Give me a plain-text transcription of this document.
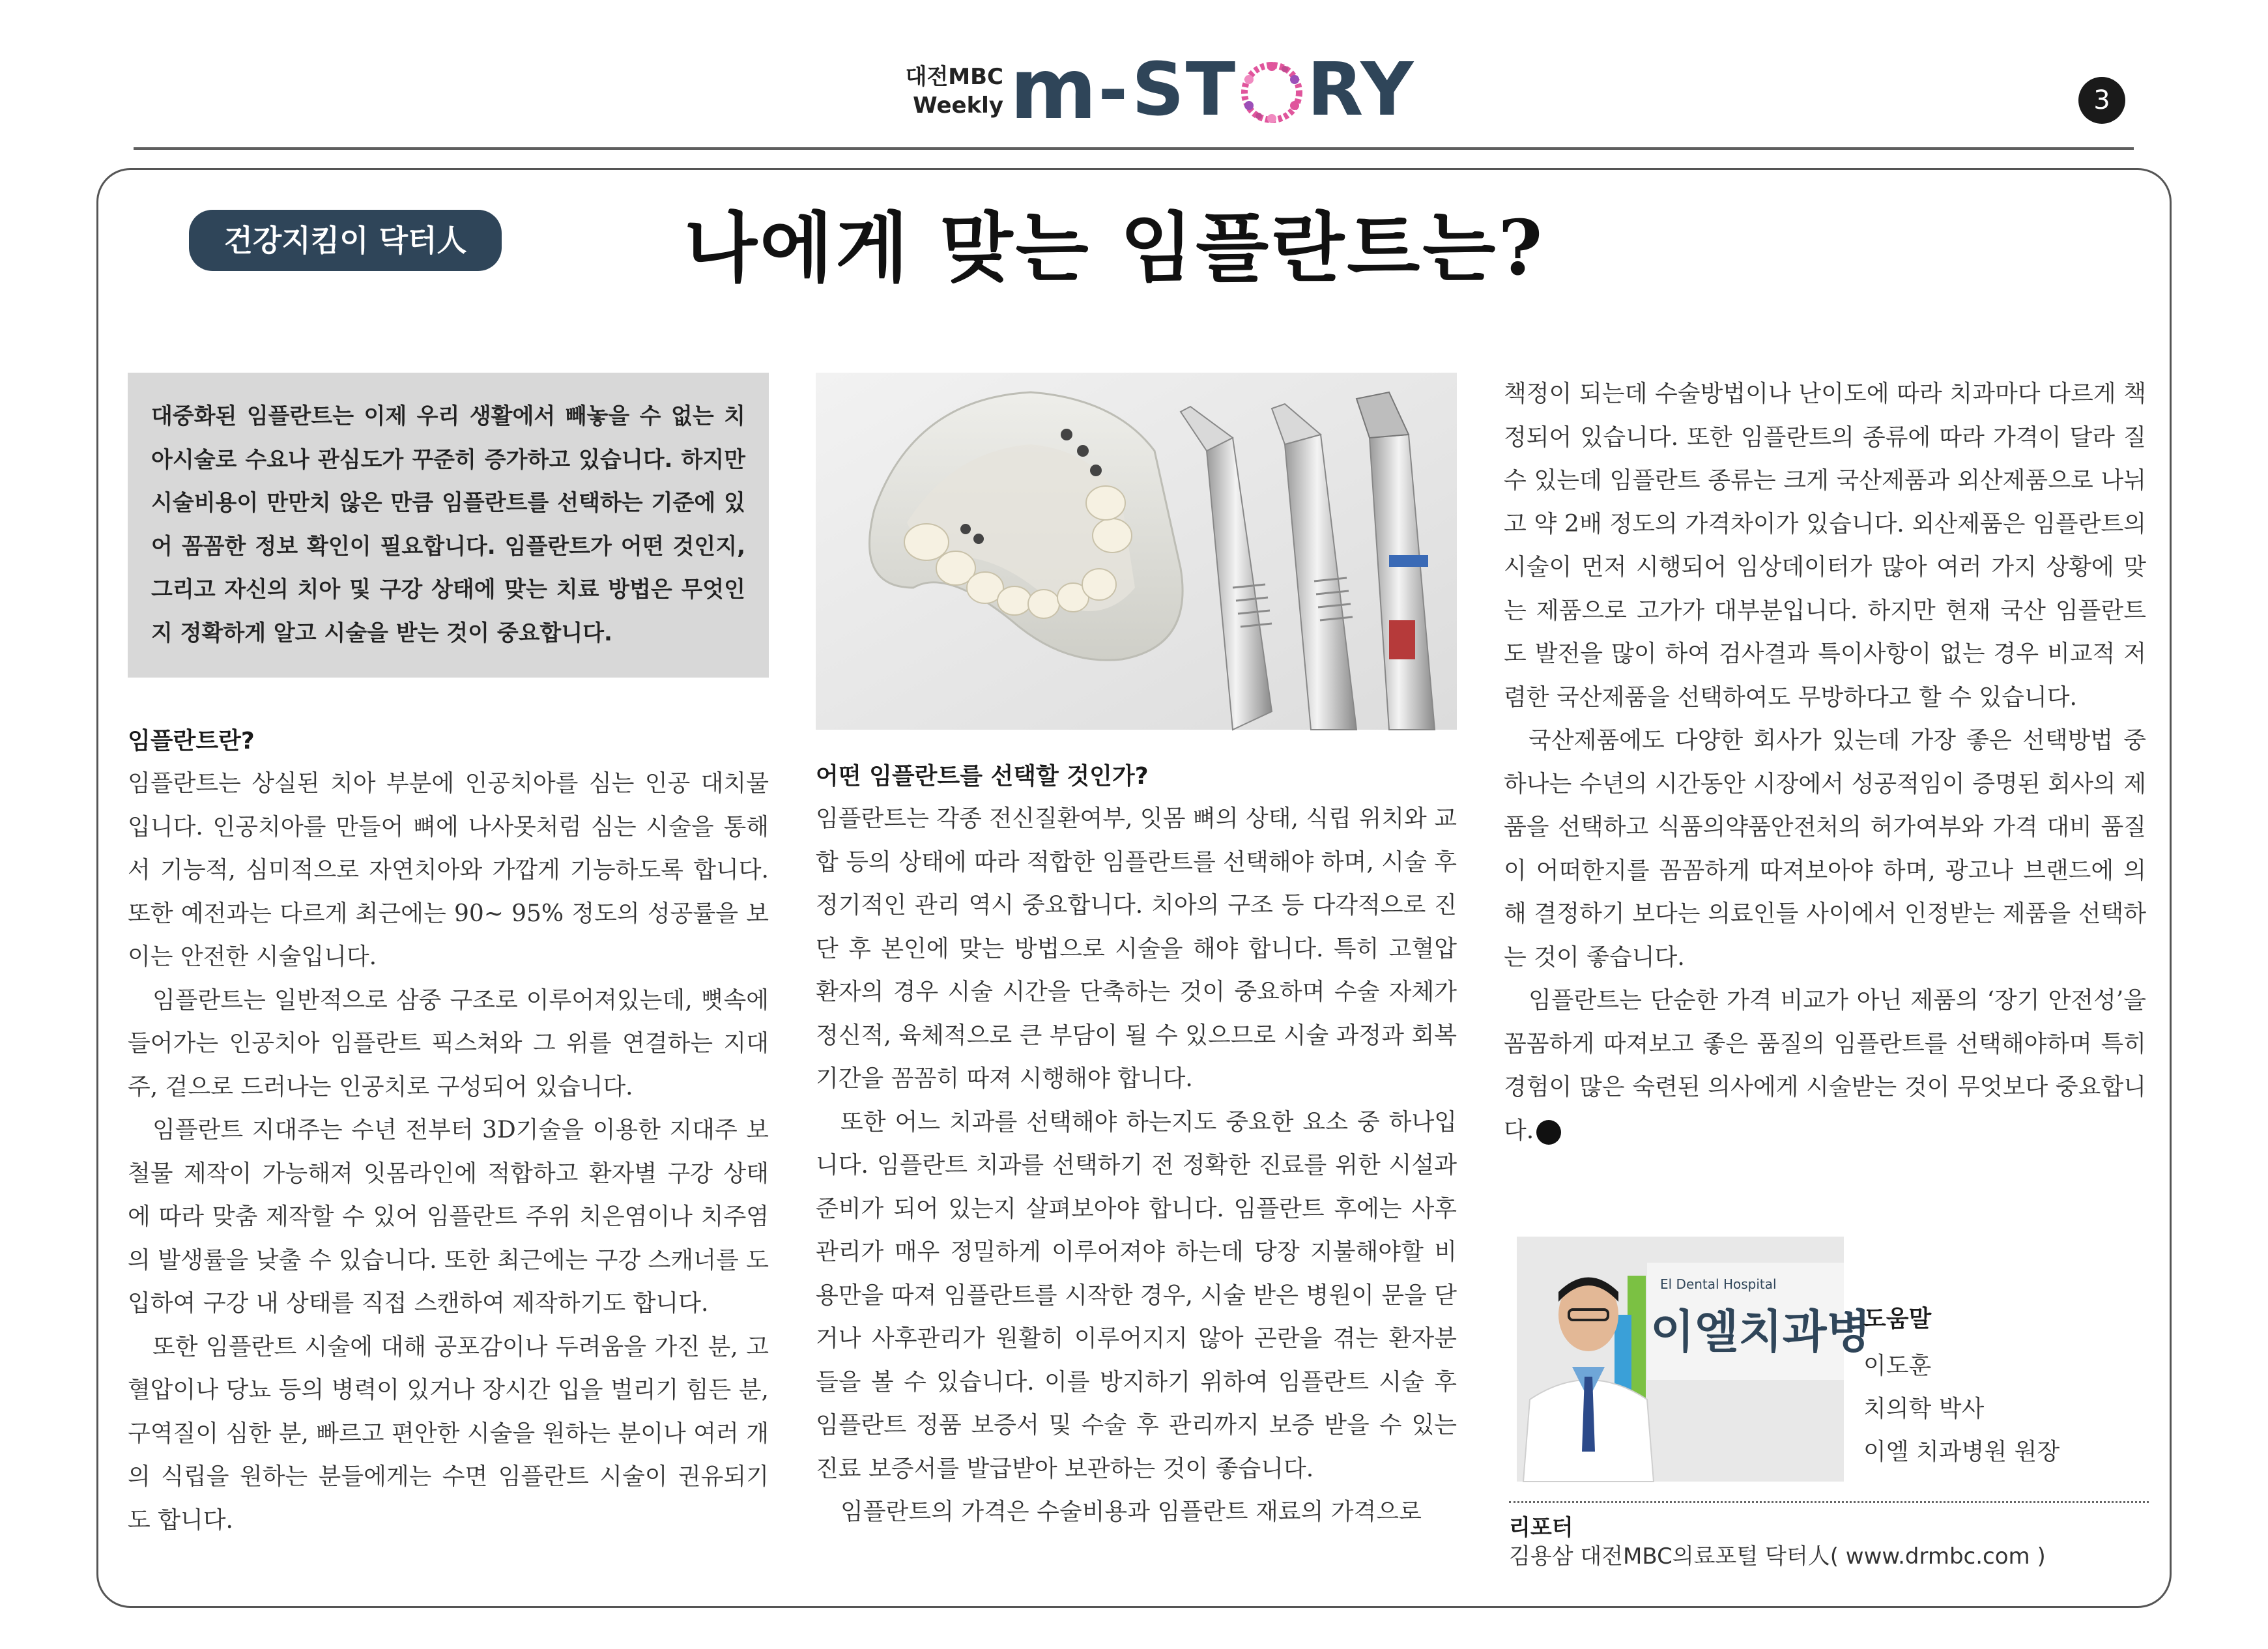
대전MBC
Weekly m - ST RY	3
건강지킴이 닥터人	나에게 맞는 임플란트는?
대중화된 임플란트는 이제 우리 생활에서 빼놓을 수 없는 치아시술로 수요나 관심도가 꾸준히 증가하고 있습니다. 하지만 시술비용이 만만치 않은 만큼 임플란트를 선택하는 기준에 있어 꼼꼼한 정보 확인이 필요합니다. 임플란트가 어떤 것인지, 그리고 자신의 치아 및 구강 상태에 맞는 치료 방법은 무엇인지 정확하게 알고 시술을 받는 것이 중요합니다.
임플란트란?

임플란트는 상실된 치아 부분에 인공치아를 심는 인공 대치물입니다. 인공치아를 만들어 뼈에 나사못처럼 심는 시술을 통해서 기능적, 심미적으로 자연치아와 가깝게 기능하도록 합니다. 또한 예전과는 다르게 최근에는 90~ 95% 정도의 성공률을 보이는 안전한 시술입니다.

임플란트는 일반적으로 삼중 구조로 이루어져있는데, 뼛속에 들어가는 인공치아 임플란트 픽스쳐와 그 위를 연결하는 지대주, 겉으로 드러나는 인공치로 구성되어 있습니다.

임플란트 지대주는 수년 전부터 3D기술을 이용한 지대주 보철물 제작이 가능해져 잇몸라인에 적합하고 환자별 구강 상태에 따라 맞춤 제작할 수 있어 임플란트 주위 치은염이나 치주염의 발생률을 낮출 수 있습니다. 또한 최근에는 구강 스캐너를 도입하여 구강 내 상태를 직접 스캔하여 제작하기도 합니다.

또한 임플란트 시술에 대해 공포감이나 두려움을 가진 분, 고혈압이나 당뇨 등의 병력이 있거나 장시간 입을 벌리기 힘든 분, 구역질이 심한 분, 빠르고 편안한 시술을 원하는 분이나 여러 개의 식립을 원하는 분들에게는 수면 임플란트 시술이 권유되기도 합니다.

어떤 임플란트를 선택할 것인가?

임플란트는 각종 전신질환여부, 잇몸 뼈의 상태, 식립 위치와 교합 등의 상태에 따라 적합한 임플란트를 선택해야 하며, 시술 후 정기적인 관리 역시 중요합니다. 치아의 구조 등 다각적으로 진단 후 본인에 맞는 방법으로 시술을 해야 합니다. 특히 고혈압 환자의 경우 시술 시간을 단축하는 것이 중요하며 수술 자체가 정신적, 육체적으로 큰 부담이 될 수 있으므로 시술 과정과 회복 기간을 꼼꼼히 따져 시행해야 합니다.

또한 어느 치과를 선택해야 하는지도 중요한 요소 중 하나입니다. 임플란트 치과를 선택하기 전 정확한 진료를 위한 시설과 준비가 되어 있는지 살펴보아야 합니다. 임플란트 후에는 사후관리가 매우 정밀하게 이루어져야 하는데 당장 지불해야할 비용만을 따져 임플란트를 시작한 경우, 시술 받은 병원이 문을 닫거나 사후관리가 원활히 이루어지지 않아 곤란을 겪는 환자분들을 볼 수 있습니다. 이를 방지하기 위하여 임플란트 시술 후 임플란트 정품 보증서 및 수술 후 관리까지 보증 받을 수 있는 진료 보증서를 발급받아 보관하는 것이 좋습니다.

임플란트의 가격은 수술비용과 임플란트 재료의 가격으로

책정이 되는데 수술방법이나 난이도에 따라 치과마다 다르게 책정되어 있습니다. 또한 임플란트의 종류에 따라 가격이 달라 질수 있는데 임플란트 종류는 크게 국산제품과 외산제품으로 나뉘고 약 2배 정도의 가격차이가 있습니다. 외산제품은 임플란트의 시술이 먼저 시행되어 임상데이터가 많아 여러 가지 상황에 맞는 제품으로 고가가 대부분입니다. 하지만 현재 국산 임플란트도 발전을 많이 하여 검사결과 특이사항이 없는 경우 비교적 저렴한 국산제품을 선택하여도 무방하다고 할 수 있습니다.

국산제품에도 다양한 회사가 있는데 가장 좋은 선택방법 중 하나는 수년의 시간동안 시장에서 성공적임이 증명된 회사의 제품을 선택하고 식품의약품안전처의 허가여부와 가격 대비 품질이 어떠한지를 꼼꼼하게 따져보아야 하며, 광고나 브랜드에 의해 결정하기 보다는 의료인들 사이에서 인정받는 제품을 선택하는 것이 좋습니다.

임플란트는 단순한 가격 비교가 아닌 제품의 ‘장기 안전성’을 꼼꼼하게 따져보고 좋은 품질의 임플란트를 선택해야하며 특히 경험이 많은 숙련된 의사에게 시술받는 것이 무엇보다 중요합니다. m

El Dental Hospital
이엘치과병
도움말
이도훈
치의학 박사
이엘 치과병원 원장
리포터
김용삼 대전MBC의료포털 닥터人( www.drmbc.com )
